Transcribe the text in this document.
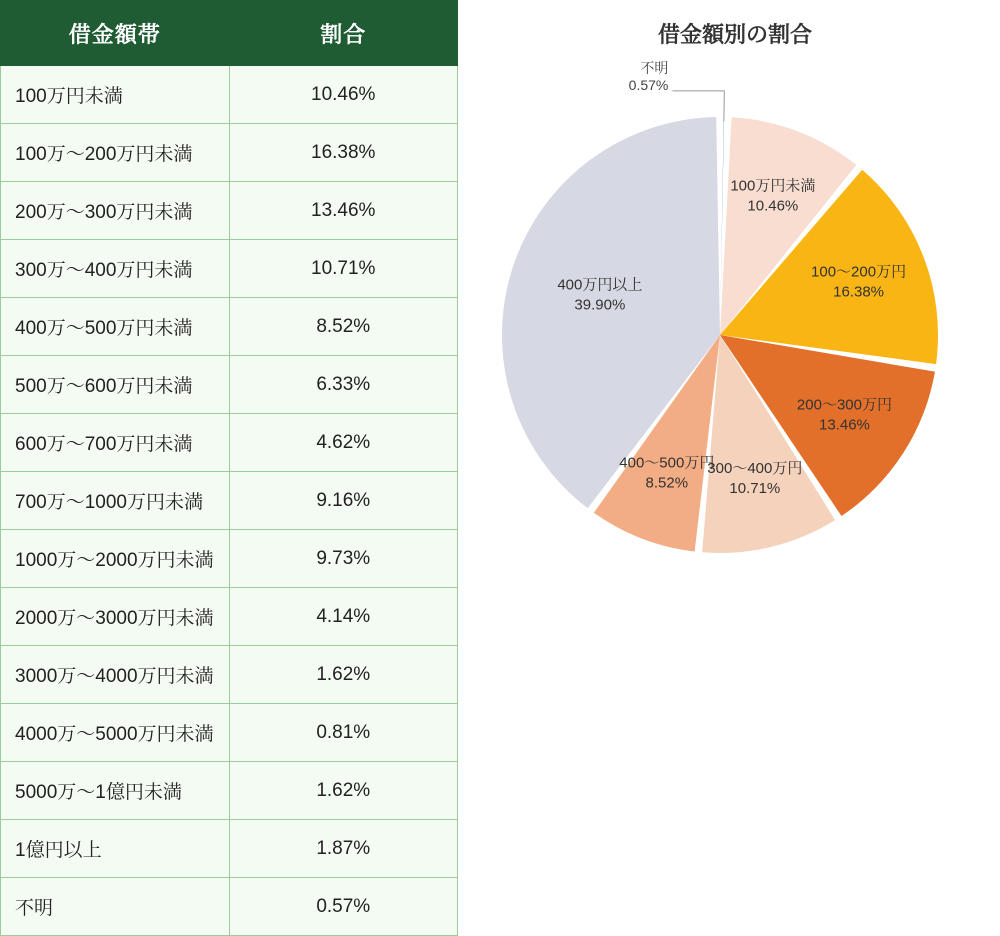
借金額帯	割合
100万円未満	10.46%
100万～200万円未満	16.38%
200万～300万円未満	13.46%
300万～400万円未満	10.71%
400万～500万円未満	8.52%
500万～600万円未満	6.33%
600万～700万円未満	4.62%
700万～1000万円未満	9.16%
1000万～2000万円未満	9.73%
2000万～3000万円未満	4.14%
3000万～4000万円未満	1.62%
4000万～5000万円未満	0.81%
5000万～1億円未満	1.62%
1億円以上	1.87%
不明	0.57%
借金額別の割合
100万円未満
10.46%
100〜200万円
16.38%
200〜300万円
13.46%
300〜400万円
10.71%
400〜500万円
8.52%
400万円以上
39.90%
不明
0.57%
